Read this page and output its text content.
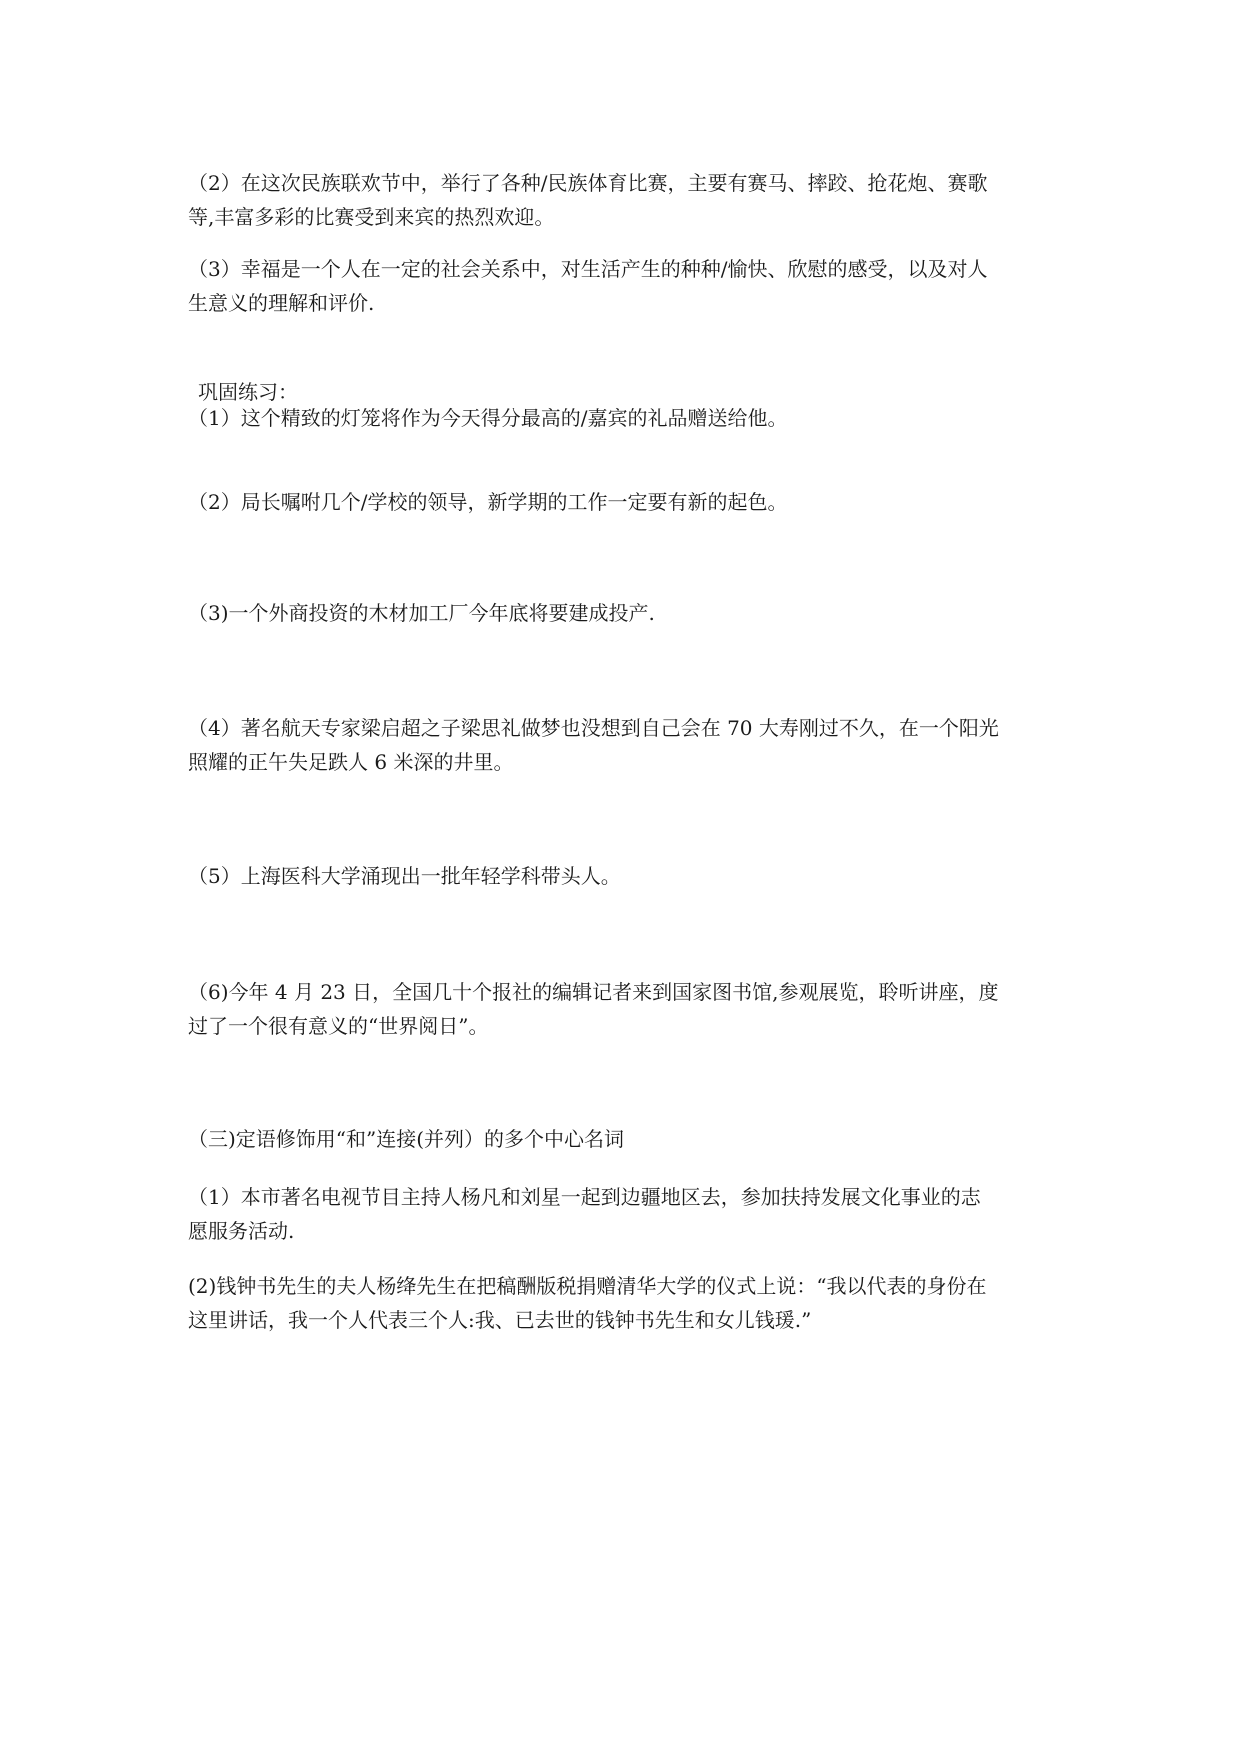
（2）在这次民族联欢节中，举行了各种/民族体育比赛，主要有赛马、摔跤、抢花炮、赛歌
等,丰富多彩的比赛受到来宾的热烈欢迎。

（3）幸福是一个人在一定的社会关系中，对生活产生的种种/愉快、欣慰的感受，以及对人
生意义的理解和评价.

巩固练习：

（1）这个精致的灯笼将作为今天得分最高的/嘉宾的礼品赠送给他。

（2）局长嘱咐几个/学校的领导，新学期的工作一定要有新的起色。

（3)一个外商投资的木材加工厂今年底将要建成投产.

（4）著名航天专家梁启超之子梁思礼做梦也没想到自己会在 70 大寿刚过不久，在一个阳光
照耀的正午失足跌人 6 米深的井里。

（5）上海医科大学涌现出一批年轻学科带头人。

（6)今年 4 月 23 日，全国几十个报社的编辑记者来到国家图书馆,参观展览，聆听讲座，度
过了一个很有意义的“世界阅日”。

（三)定语修饰用“和”连接(并列）的多个中心名词

（1）本市著名电视节目主持人杨凡和刘星一起到边疆地区去，参加扶持发展文化事业的志
愿服务活动.

(2)钱钟书先生的夫人杨绛先生在把稿酬版税捐赠清华大学的仪式上说：“我以代表的身份在
这里讲话，我一个人代表三个人:我、已去世的钱钟书先生和女儿钱瑗.”
